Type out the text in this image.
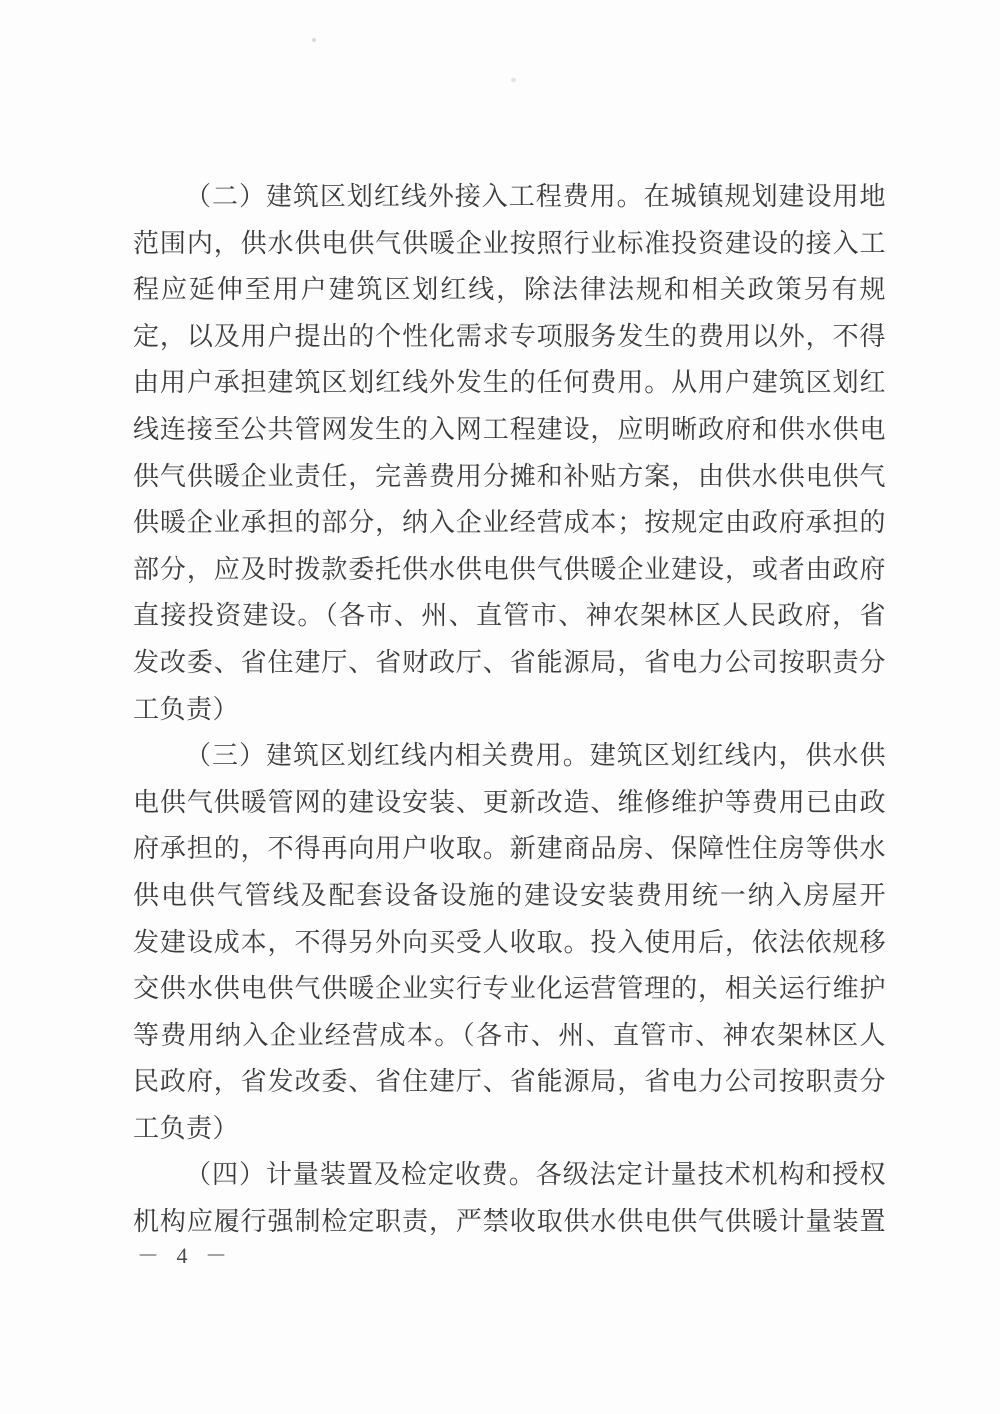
（二）建筑区划红线外接入工程费用。在城镇规划建设用地
范围内，供水供电供气供暖企业按照行业标准投资建设的接入工
程应延伸至用户建筑区划红线，除法律法规和相关政策另有规
定，以及用户提出的个性化需求专项服务发生的费用以外，不得
由用户承担建筑区划红线外发生的任何费用。从用户建筑区划红
线连接至公共管网发生的入网工程建设，应明晰政府和供水供电
供气供暖企业责任，完善费用分摊和补贴方案，由供水供电供气
供暖企业承担的部分，纳入企业经营成本；按规定由政府承担的
部分，应及时拨款委托供水供电供气供暖企业建设，或者由政府
直接投资建设。（各市、州、直管市、神农架林区人民政府，省
发改委、省住建厅、省财政厅、省能源局，省电力公司按职责分
工负责）
（三）建筑区划红线内相关费用。建筑区划红线内，供水供
电供气供暖管网的建设安装、更新改造、维修维护等费用已由政
府承担的，不得再向用户收取。新建商品房、保障性住房等供水
供电供气管线及配套设备设施的建设安装费用统一纳入房屋开
发建设成本，不得另外向买受人收取。投入使用后，依法依规移
交供水供电供气供暖企业实行专业化运营管理的，相关运行维护
等费用纳入企业经营成本。（各市、州、直管市、神农架林区人
民政府，省发改委、省住建厅、省能源局，省电力公司按职责分
工负责）
（四）计量装置及检定收费。各级法定计量技术机构和授权
机构应履行强制检定职责，严禁收取供水供电供气供暖计量装置
－ 4 －
